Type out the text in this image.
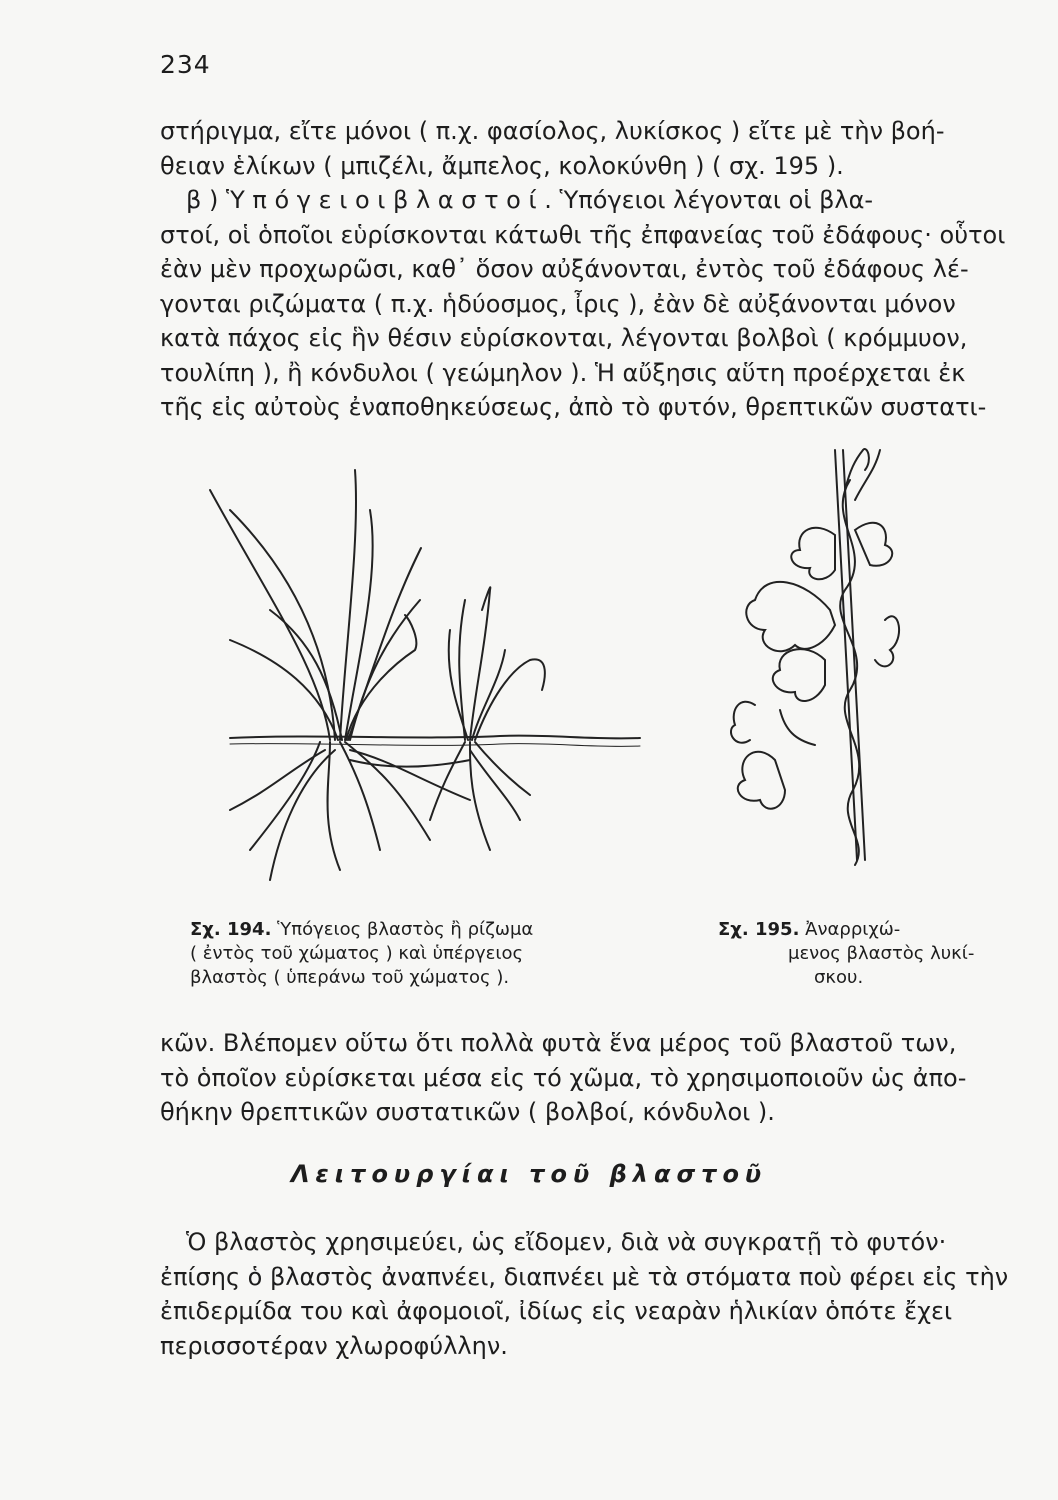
234
στήριγμα, εἴτε μόνοι ( π.χ. φασίολος, λυκίσκος ) εἴτε μὲ τὴν βοή-
θειαν ἑλίκων ( μπιζέλι, ἄμπελος, κολοκύνθη ) ( σχ. 195 ).
β ) Ὑ π ό γ ε ι ο ι β λ α σ τ ο ί . Ὑπόγειοι λέγονται οἱ βλα-
στοί, οἱ ὁποῖοι εὑρίσκονται κάτωθι τῆς ἐπφανείας τοῦ ἐδάφους· οὗτοι
ἐὰν μὲν προχωρῶσι, καθ᾽ ὅσον αὐξάνονται, ἐντὸς τοῦ ἐδάφους λέ-
γονται ριζώματα ( π.χ. ἡδύοσμος, ἶρις ), ἐὰν δὲ αὐξάνονται μόνον
κατὰ πάχος εἰς ἣν θέσιν εὑρίσκονται, λέγονται βολβοὶ ( κρόμμυον,
τουλίπη ), ἢ κόνδυλοι ( γεώμηλον ). Ἡ αὔξησις αὕτη προέρχεται ἐκ
τῆς εἰς αὐτοὺς ἐναποθηκεύσεως, ἀπὸ τὸ φυτόν, θρεπτικῶν συστατι-
Σχ. 194. Ὑπόγειος βλαστὸς ἢ ρίζωμα
( ἐντὸς τοῦ χώματος ) καὶ ὑπέργειος
βλαστὸς ( ὑπεράνω τοῦ χώματος ).
Σχ. 195. Ἀναρριχώ-
μενος βλαστὸς λυκί-
σκου.
κῶν. Βλέπομεν οὕτω ὅτι πολλὰ φυτὰ ἕνα μέρος τοῦ βλαστοῦ των,
τὸ ὁποῖον εὑρίσκεται μέσα εἰς τό χῶμα, τὸ χρησιμοποιοῦν ὡς ἀπο-
θήκην θρεπτικῶν συστατικῶν ( βολβοί, κόνδυλοι ).
Λειτουργίαι τοῦ βλαστοῦ
Ὁ βλαστὸς χρησιμεύει, ὡς εἴδομεν, διὰ νὰ συγκρατῇ τὸ φυτόν·
ἐπίσης ὁ βλαστὸς ἀναπνέει, διαπνέει μὲ τὰ στόματα ποὺ φέρει εἰς τὴν
ἐπιδερμίδα του καὶ ἀφομοιοῖ, ἰδίως εἰς νεαρὰν ἡλικίαν ὁπότε ἔχει
περισσοτέραν χλωροφύλλην.
